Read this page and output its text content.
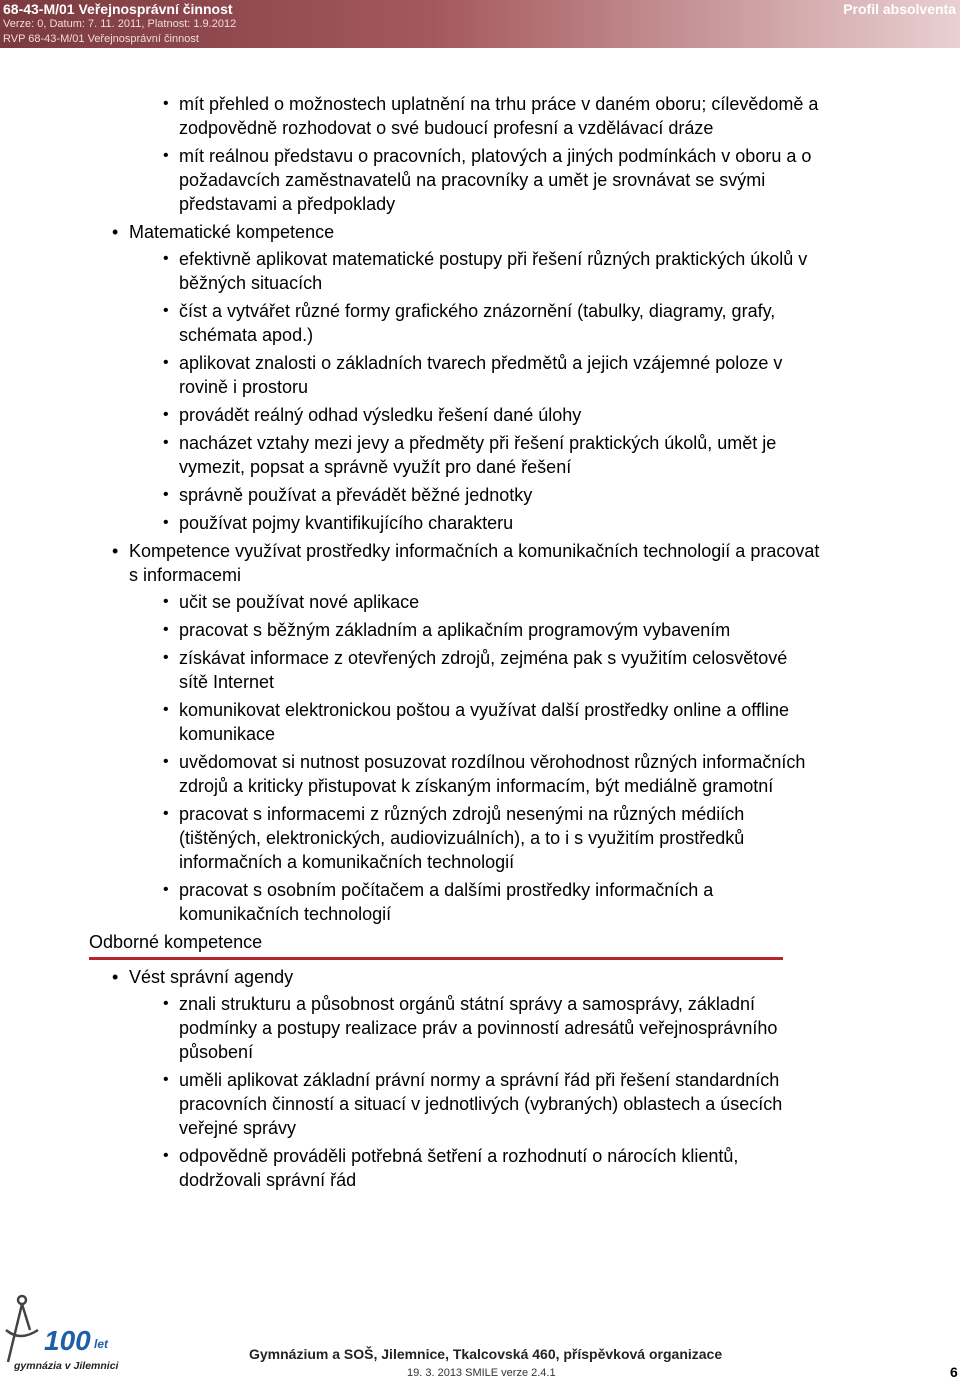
68-43-M/01 Veřejnosprávní činnost
Verze: 0, Datum: 7. 11. 2011, Platnost: 1.9.2012
RVP 68-43-M/01 Veřejnosprávní činnost
Profil absolventa
• mít přehled o možnostech uplatnění na trhu práce v daném oboru; cílevědomě a zodpovědně rozhodovat o své budoucí profesní a vzdělávací dráze
• mít reálnou představu o pracovních, platových a jiných podmínkách v oboru a o požadavcích zaměstnavatelů na pracovníky a umět je srovnávat se svými představami a předpoklady
• Matematické kompetence
• efektivně aplikovat matematické postupy při řešení různých praktických úkolů v běžných situacích
• číst a vytvářet různé formy grafického znázornění (tabulky, diagramy, grafy, schémata apod.)
• aplikovat znalosti o základních tvarech předmětů a jejich vzájemné poloze v rovině i prostoru
• provádět reálný odhad výsledku řešení dané úlohy
• nacházet vztahy mezi jevy a předměty při řešení praktických úkolů, umět je vymezit, popsat a správně využít pro dané řešení
• správně používat a převádět běžné jednotky
• používat pojmy kvantifikujícího charakteru
• Kompetence využívat prostředky informačních a komunikačních technologií a pracovat s informacemi
• učit se používat nové aplikace
• pracovat s běžným základním a aplikačním programovým vybavením
• získávat informace z otevřených zdrojů, zejména pak s využitím celosvětové sítě Internet
• komunikovat elektronickou poštou a využívat další prostředky online a offline komunikace
• uvědomovat si nutnost posuzovat rozdílnou věrohodnost různých informačních zdrojů a kriticky přistupovat k získaným informacím, být mediálně gramotní
• pracovat s informacemi z různých zdrojů nesenými na různých médiích (tištěných, elektronických, audiovizuálních), a to i s využitím prostředků informačních a komunikačních technologií
• pracovat s osobním počítačem a dalšími prostředky informačních a komunikačních technologií
Odborné kompetence
• Vést správní agendy
• znali strukturu a působnost orgánů státní správy a samosprávy, základní podmínky a postupy realizace práv a povinností adresátů veřejnosprávního působení
• uměli aplikovat základní právní normy a správní řád při řešení standardních pracovních činností a situací v jednotlivých (vybraných) oblastech a úsecích veřejné správy
• odpovědně prováděli potřebná šetření a rozhodnutí o nárocích klientů, dodržovali správní řád
100 let
gymnázia v Jilemnici
Gymnázium a SOŠ, Jilemnice, Tkalcovská 460, příspěvková organizace
19. 3. 2013 SMILE verze 2.4.1	6
